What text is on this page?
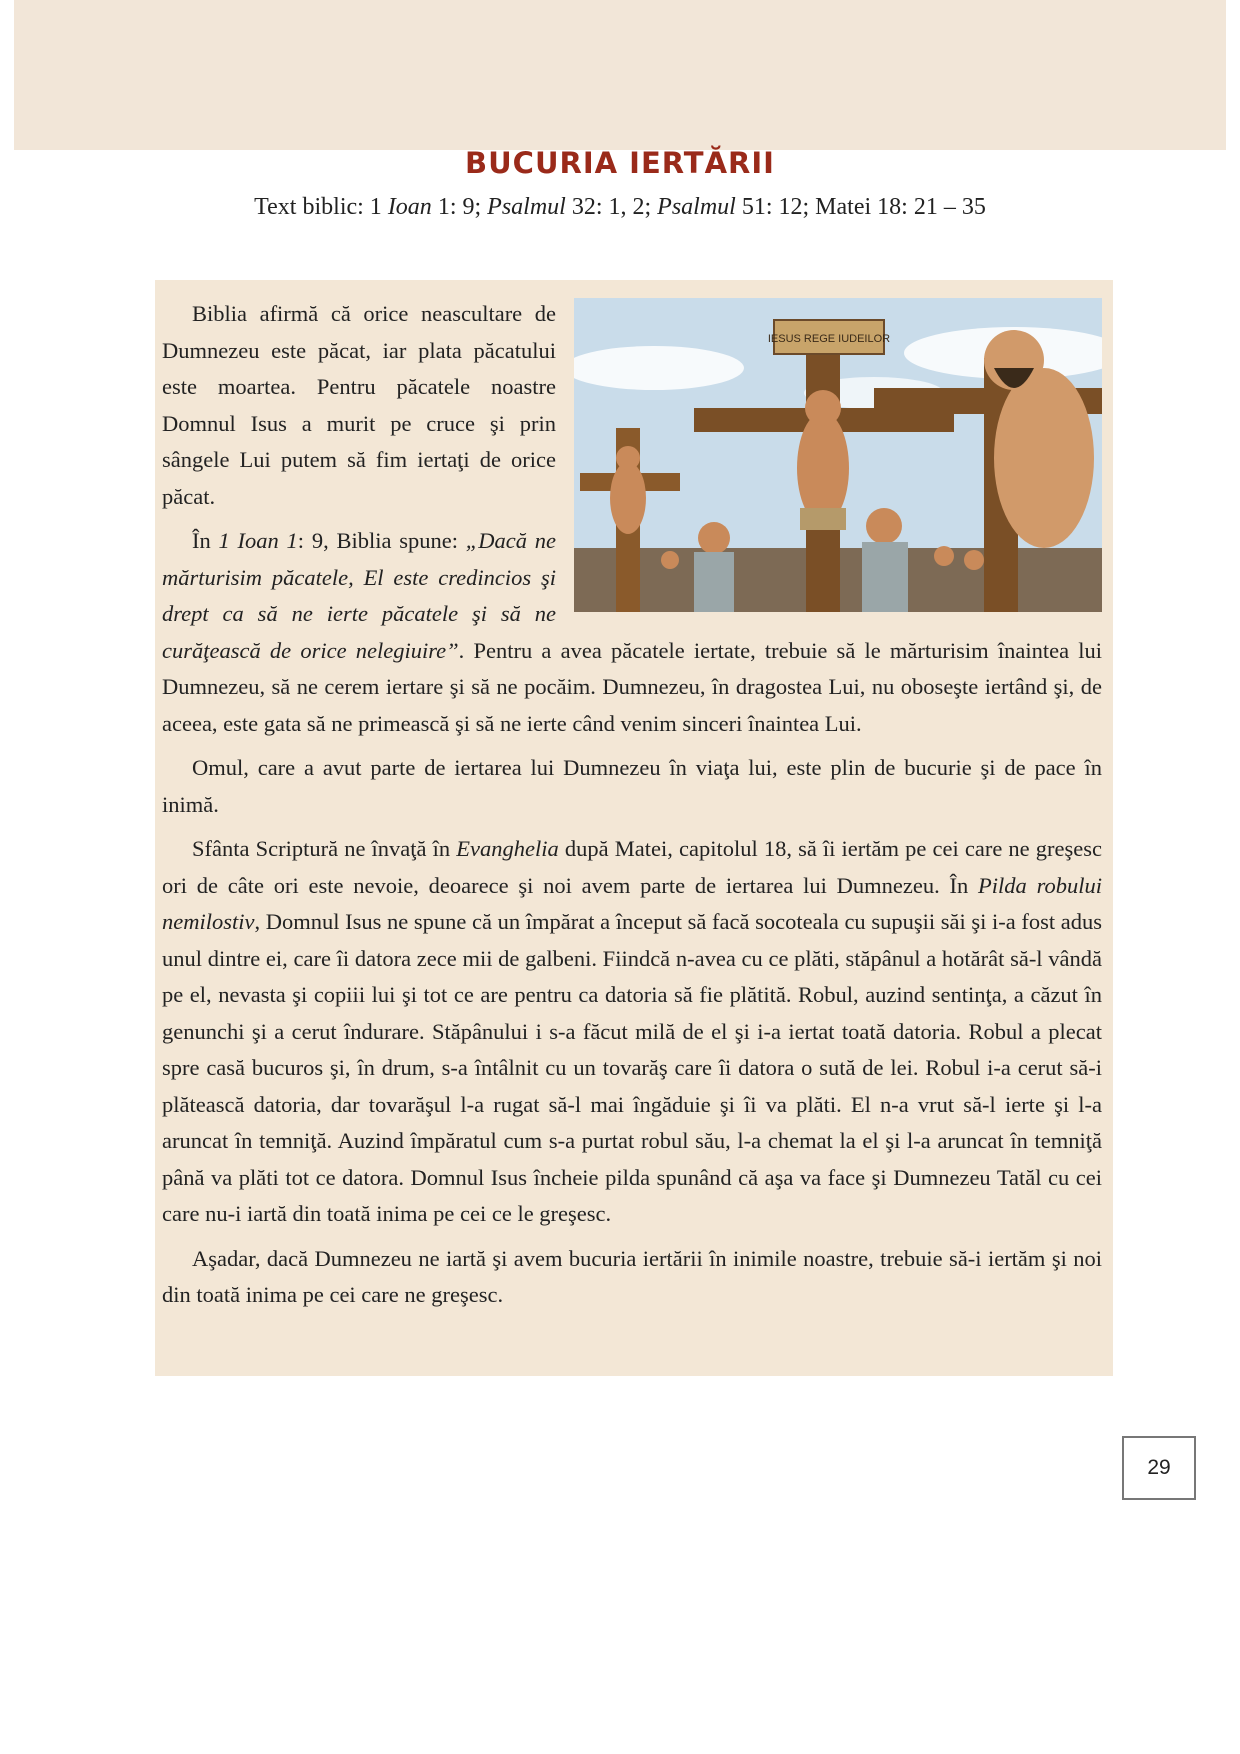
BUCURIA IERTĂRII
Text biblic: 1 Ioan 1: 9; Psalmul 32: 1, 2; Psalmul 51: 12; Matei 18: 21 – 35
IESUS REGE IUDEILOR

Biblia afirmă că orice neascultare de Dumnezeu este păcat, iar plata păcatului este moartea. Pentru păcatele noastre Domnul Isus a murit pe cruce şi prin sângele Lui putem să fim iertaţi de orice păcat.

În 1 Ioan 1: 9, Biblia spune: „Dacă ne mărturisim păcatele, El este credincios şi drept ca să ne ierte păcatele şi să ne curăţească de orice nelegiuire”. Pentru a avea păcatele iertate, trebuie să le mărturisim înaintea lui Dumnezeu, să ne cerem iertare şi să ne pocăim. Dumnezeu, în dragostea Lui, nu oboseşte iertând şi, de aceea, este gata să ne primească şi să ne ierte când venim sinceri înaintea Lui.

Omul, care a avut parte de iertarea lui Dumnezeu în viaţa lui, este plin de bucurie şi de pace în inimă.

Sfânta Scriptură ne învaţă în Evanghelia după Matei, capitolul 18, să îi iertăm pe cei care ne greşesc ori de câte ori este nevoie, deoarece şi noi avem parte de iertarea lui Dumnezeu. În Pilda robului nemilostiv, Domnul Isus ne spune că un împărat a început să facă socoteala cu supuşii săi şi i-a fost adus unul dintre ei, care îi datora zece mii de galbeni. Fiindcă n-avea cu ce plăti, stăpânul a hotărât să-l vândă pe el, nevasta şi copiii lui şi tot ce are pentru ca datoria să fie plătită. Robul, auzind sentinţa, a căzut în genunchi şi a cerut îndurare. Stăpânului i s-a făcut milă de el şi i-a iertat toată datoria. Robul a plecat spre casă bucuros şi, în drum, s-a întâlnit cu un tovarăş care îi datora o sută de lei. Robul i-a cerut să-i plătească datoria, dar tovarăşul l-a rugat să-l mai îngăduie şi îi va plăti. El n-a vrut să-l ierte şi l-a aruncat în temniţă. Auzind împăratul cum s-a purtat robul său, l-a chemat la el şi l-a aruncat în temniţă până va plăti tot ce datora. Domnul Isus încheie pilda spunând că aşa va face şi Dumnezeu Tatăl cu cei care nu-i iartă din toată inima pe cei ce le greşesc.

Aşadar, dacă Dumnezeu ne iartă şi avem bucuria iertării în inimile noastre, trebuie să-i iertăm şi noi din toată inima pe cei care ne greşesc.

29
